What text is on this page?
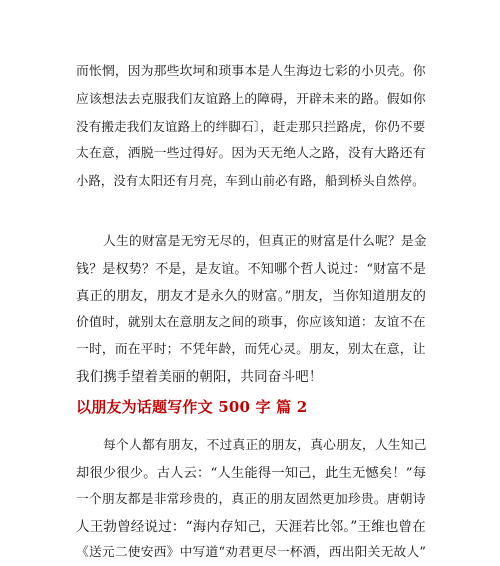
而怅惘，因为那些坎坷和琐事本是人生海边七彩的小贝壳。你
应该想法去克服我们友谊路上的障碍，开辟未来的路。假如你
没有搬走我们友谊路上的绊脚石〕，赶走那只拦路虎，你仍不要
太在意，洒脱一些过得好。因为天无绝人之路，没有大路还有
小路，没有太阳还有月亮，车到山前必有路，船到桥头自然停。
人生的财富是无穷无尽的，但真正的财富是什么呢？是金
钱？是权势？不是，是友谊。不知哪个哲人说过：“财富不是
真正的朋友，朋友才是永久的财富。”朋友，当你知道朋友的
价值时，就别太在意朋友之间的琐事，你应该知道：友谊不在
一时，而在平时；不凭年龄，而凭心灵。朋友，别太在意，让
我们携手望着美丽的朝阳，共同奋斗吧！
以朋友为话题写作文 500 字 篇 2
每个人都有朋友，不过真正的朋友，真心朋友，人生知己
却很少很少。古人云：“人生能得一知己，此生无憾矣！”每
一个朋友都是非常珍贵的，真正的朋友固然更加珍贵。唐朝诗
人王勃曾经说过：“海内存知己，天涯若比邻。”王维也曾在
《送元二使安西》中写道“劝君更尽一杯酒，西出阳关无故人”
